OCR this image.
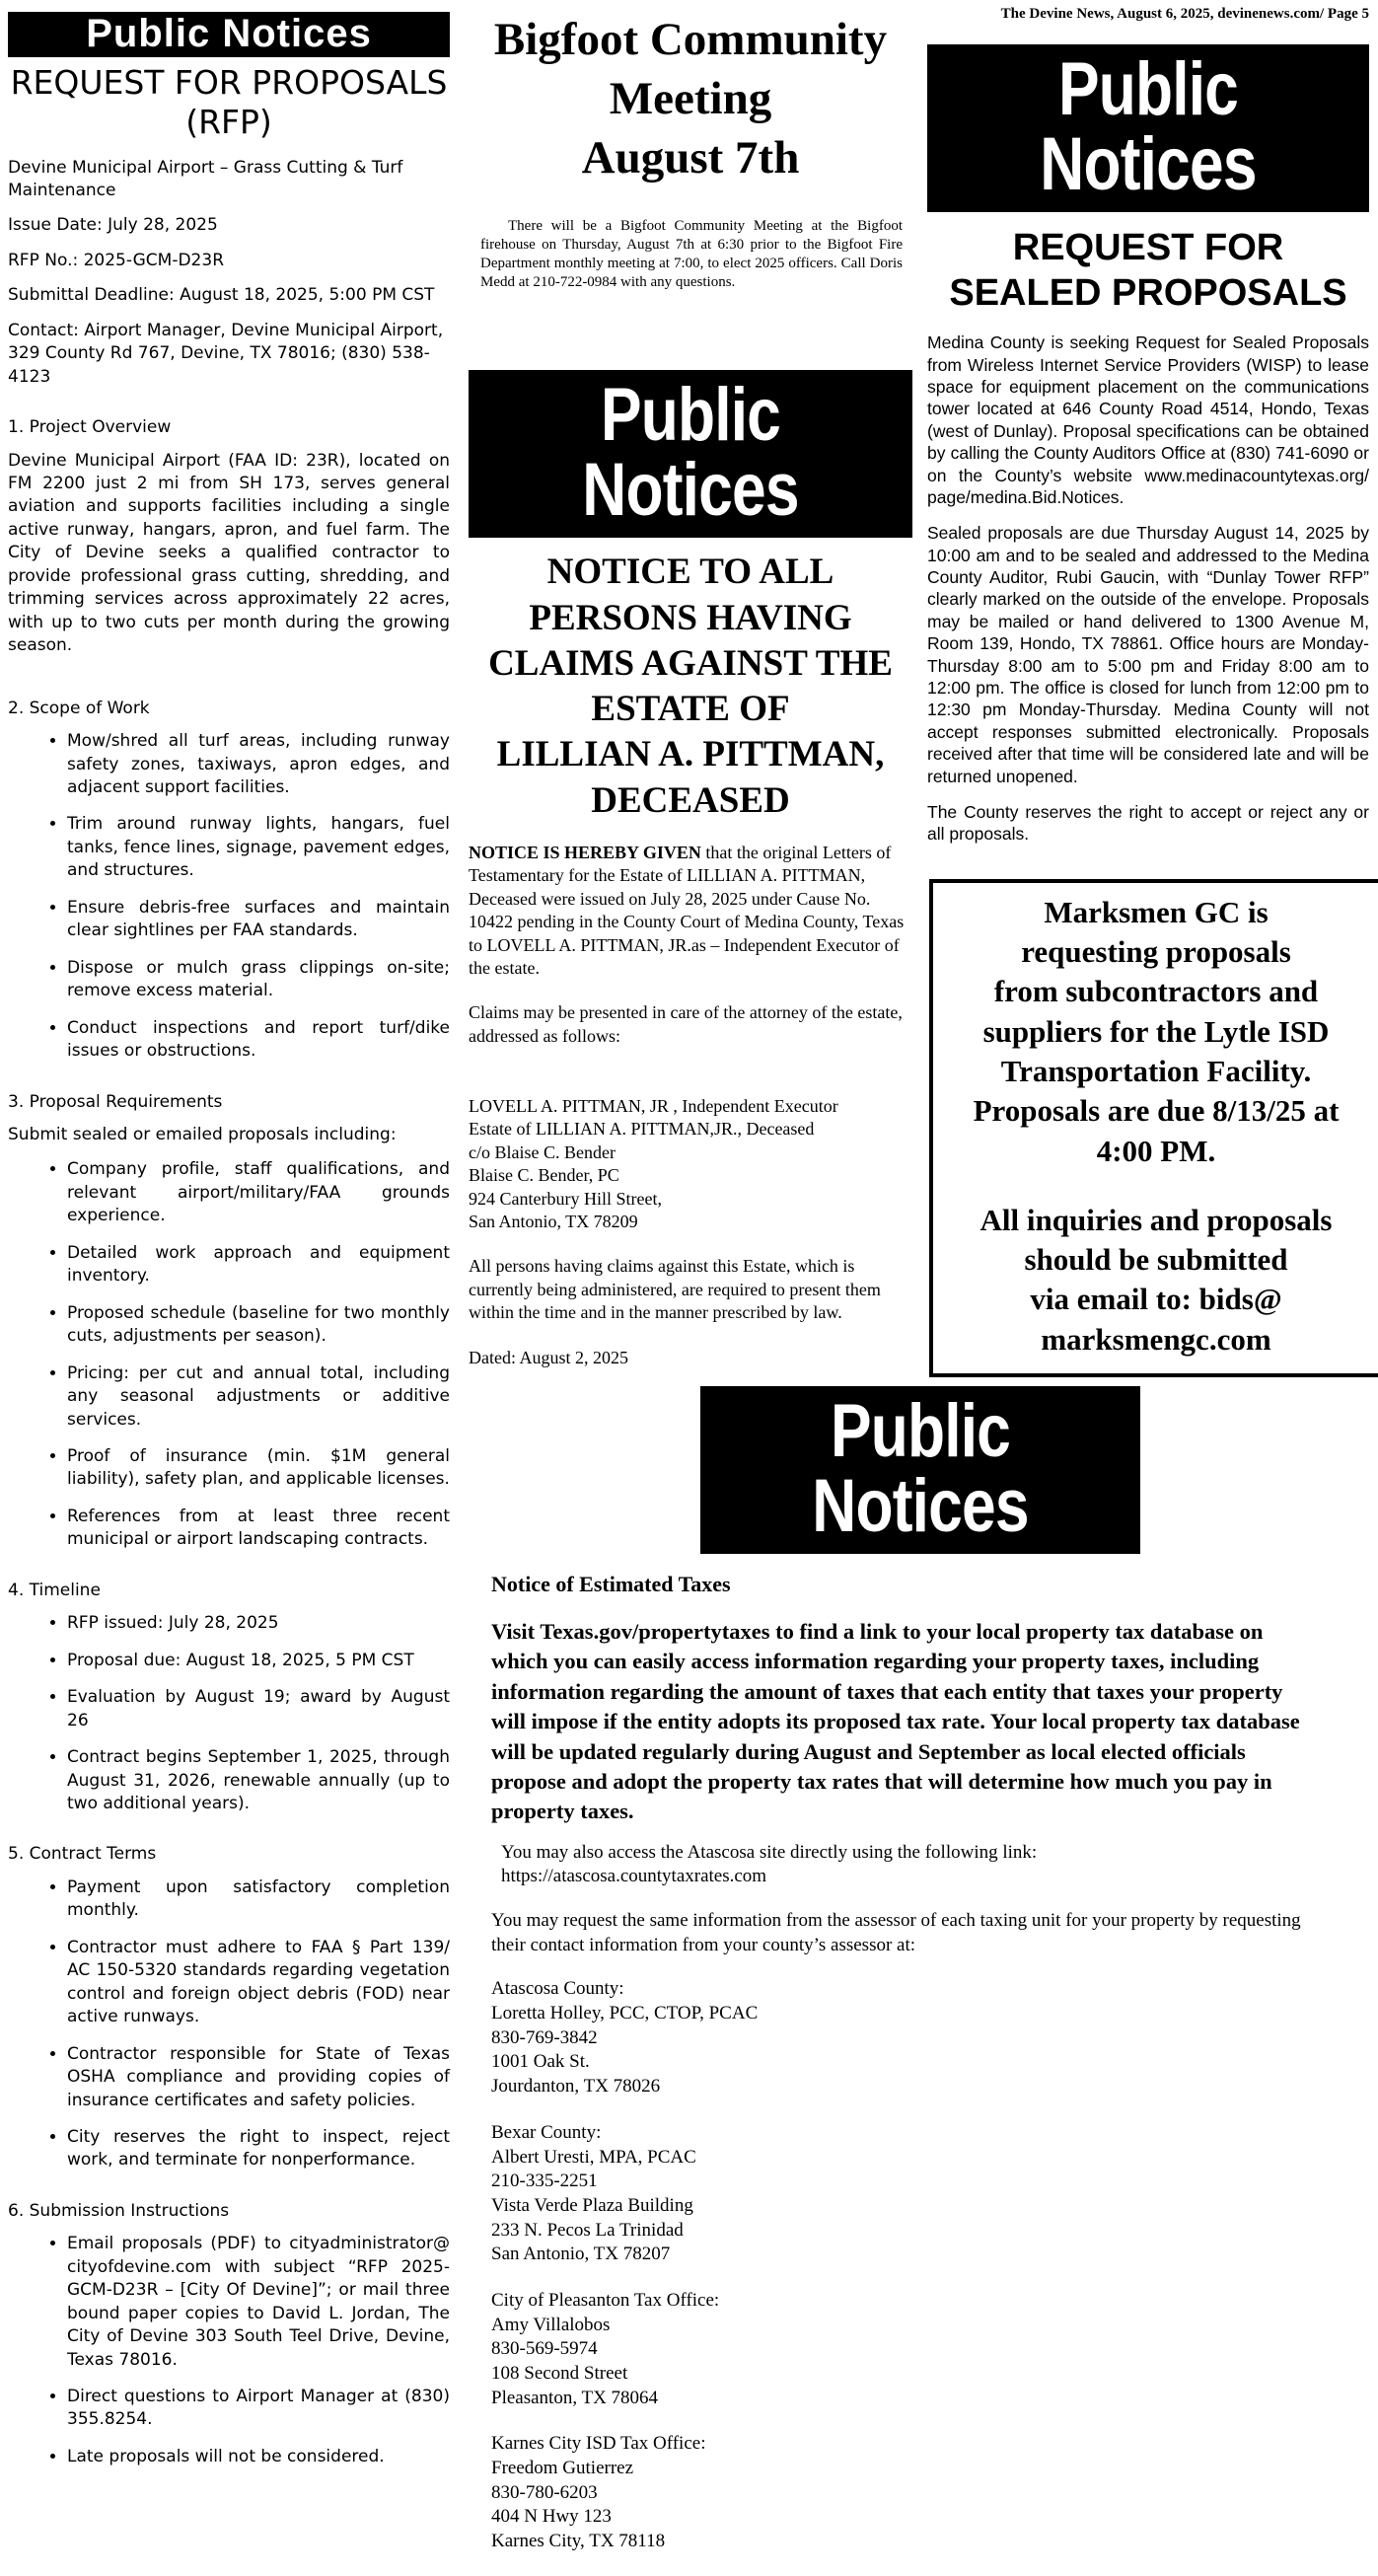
Public Notices
REQUEST FOR PROPOSALS
(RFP)

Devine Municipal Airport – Grass Cutting & Turf Maintenance

Issue Date: July 28, 2025

RFP No.: 2025-GCM-D23R

Submittal Deadline: August 18, 2025, 5:00 PM CST

Contact: Airport Manager, Devine Municipal Airport, 329 County Rd 767, Devine, TX 78016; (830) 538-4123

1. Project Overview

Devine Municipal Airport (FAA ID: 23R), located on FM 2200 just 2 mi from SH 173, serves general aviation and supports facilities including a single active runway, hangars, apron, and fuel farm. The City of Devine seeks a qualified contractor to provide professional grass cutting, shredding, and trimming services across approximately 22 acres, with up to two cuts per month during the growing season.

2. Scope of Work
• Mow/shred all turf areas, including runway safety zones, taxiways, apron edges, and adjacent support facilities.
• Trim around runway lights, hangars, fuel tanks, fence lines, signage, pavement edges, and structures.
• Ensure debris-free surfaces and maintain clear sightlines per FAA standards.
• Dispose or mulch grass clippings on-site; remove excess material.
• Conduct inspections and report turf/dike issues or obstructions.
3. Proposal Requirements

Submit sealed or emailed proposals including:

• Company profile, staff qualifications, and relevant airport/military/FAA grounds experience.
• Detailed work approach and equipment inventory.
• Proposed schedule (baseline for two monthly cuts, adjustments per season).
• Pricing: per cut and annual total, including any seasonal adjustments or additive services.
• Proof of insurance (min. $1M general liability), safety plan, and applicable licenses.
• References from at least three recent municipal or airport landscaping contracts.
4. Timeline
• RFP issued: July 28, 2025
• Proposal due: August 18, 2025, 5 PM CST
• Evaluation by August 19; award by August 26
• Contract begins September 1, 2025, through August 31, 2026, renewable annually (up to two additional years).
5. Contract Terms
• Payment upon satisfactory completion monthly.
• Contractor must adhere to FAA § Part 139/ AC 150-5320 standards regarding vegetation control and foreign object debris (FOD) near active runways.
• Contractor responsible for State of Texas OSHA compliance and providing copies of insurance certificates and safety policies.
• City reserves the right to inspect, reject work, and terminate for nonperformance.
6. Submission Instructions
• Email proposals (PDF) to cityadministrator@ cityofdevine.com with subject “RFP 2025-GCM-D23R – [City Of Devine]”; or mail three bound paper copies to David L. Jordan, The City of Devine 303 South Teel Drive, Devine, Texas 78016.
• Direct questions to Airport Manager at (830) 355.8254.
• Late proposals will not be considered.
Bigfoot Community
Meeting
August 7th

There will be a Bigfoot Community Meeting at the Bigfoot firehouse on Thursday, August 7th at 6:30 prior to the Bigfoot Fire Department monthly meeting at 7:00, to elect 2025 officers. Call Doris Medd at 210-722-0984 with any questions.

Public Notices
NOTICE TO ALL
PERSONS HAVING
CLAIMS AGAINST THE
ESTATE OF
LILLIAN A. PITTMAN,
DECEASED

NOTICE IS HEREBY GIVEN that the original Letters of Testamentary for the Estate of LILLIAN A. PITTMAN, Deceased were issued on July 28, 2025 under Cause No. 10422 pending in the County Court of Medina County, Texas to LOVELL A. PITTMAN, JR.as – Independent Executor of the estate.

Claims may be presented in care of the attorney of the estate, addressed as follows:

LOVELL A. PITTMAN, JR , Independent Executor
Estate of LILLIAN A. PITTMAN,JR., Deceased
c/o Blaise C. Bender
Blaise C. Bender, PC
924 Canterbury Hill Street,
San Antonio, TX 78209

All persons having claims against this Estate, which is currently being administered, are required to present them within the time and in the manner prescribed by law.

Dated: August 2, 2025

The Devine News, August 6, 2025, devinenews.com/ Page 5
Public Notices
REQUEST FOR
SEALED PROPOSALS

Medina County is seeking Request for Sealed Proposals from Wireless Internet Service Providers (WISP) to lease space for equipment placement on the communications tower located at 646 County Road 4514, Hondo, Texas (west of Dunlay). Proposal specifications can be obtained by calling the County Auditors Office at (830) 741-6090 or on the County’s website www.medinacountytexas.org/ page/medina.Bid.Notices.

Sealed proposals are due Thursday August 14, 2025 by 10:00 am and to be sealed and addressed to the Medina County Auditor, Rubi Gaucin, with “Dunlay Tower RFP” clearly marked on the outside of the envelope. Proposals may be mailed or hand delivered to 1300 Avenue M, Room 139, Hondo, TX 78861. Office hours are Monday-Thursday 8:00 am to 5:00 pm and Friday 8:00 am to 12:00 pm. The office is closed for lunch from 12:00 pm to 12:30 pm Monday-Thursday. Medina County will not accept responses submitted electronically. Proposals received after that time will be considered late and will be returned unopened.

The County reserves the right to accept or reject any or all proposals.

Marksmen GC is
requesting proposals
from subcontractors and
suppliers for the Lytle ISD
Transportation Facility.
Proposals are due 8/13/25 at
4:00 PM.
All inquiries and proposals
should be submitted
via email to: bids@
marksmengc.com
Public Notices
Notice of Estimated Taxes

Visit Texas.gov/propertytaxes to find a link to your local property tax database on which you can easily access information regarding your property taxes, including information regarding the amount of taxes that each entity that taxes your property will impose if the entity adopts its proposed tax rate. Your local property tax database will be updated regularly during August and September as local elected officials propose and adopt the property tax rates that will determine how much you pay in property taxes.

You may also access the Atascosa site directly using the following link:
https://atascosa.countytaxrates.com

You may request the same information from the assessor of each taxing unit for your property by requesting their contact information from your county’s assessor at:

Atascosa County:
Loretta Holley, PCC, CTOP, PCAC
830-769-3842
1001 Oak St.
Jourdanton, TX 78026
Bexar County:
Albert Uresti, MPA, PCAC
210-335-2251
Vista Verde Plaza Building
233 N. Pecos La Trinidad
San Antonio, TX 78207
City of Pleasanton Tax Office:
Amy Villalobos
830-569-5974
108 Second Street
Pleasanton, TX 78064
Karnes City ISD Tax Office:
Freedom Gutierrez
830-780-6203
404 N Hwy 123
Karnes City, TX 78118
